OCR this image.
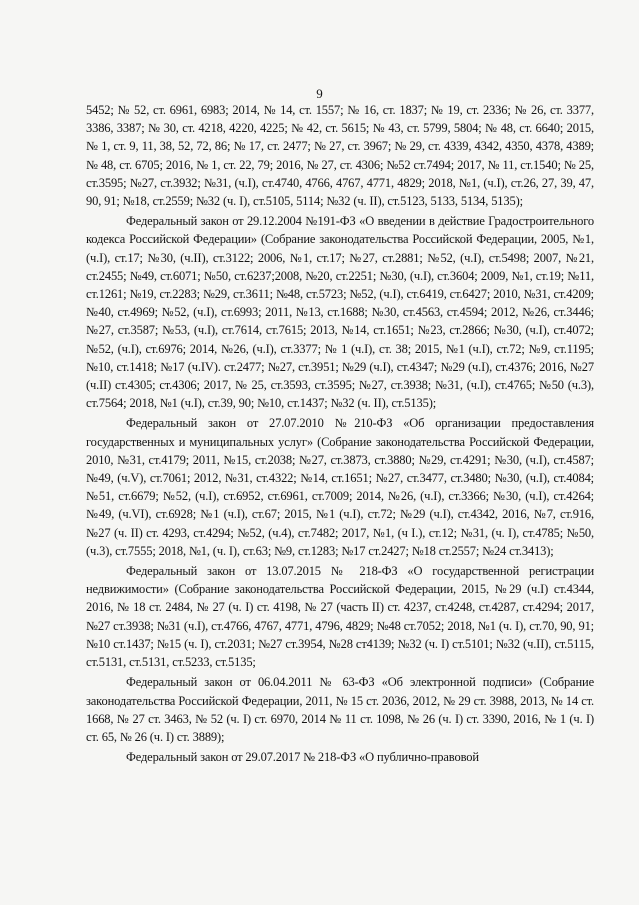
9

5452; № 52, ст. 6961, 6983; 2014, № 14, ст. 1557; № 16, ст. 1837; № 19, ст. 2336; № 26, ст. 3377, 3386, 3387; № 30, ст. 4218, 4220, 4225; № 42, ст. 5615; № 43, ст. 5799, 5804; № 48, ст. 6640; 2015, № 1, ст. 9, 11, 38, 52, 72, 86; № 17, ст. 2477; № 27, ст. 3967; № 29, ст. 4339, 4342, 4350, 4378, 4389; № 48, ст. 6705; 2016, № 1, ст. 22, 79; 2016, № 27, ст. 4306; №52 ст.7494; 2017, № 11, ст.1540; № 25, ст.3595; №27, ст.3932; №31, (ч.I), ст.4740, 4766, 4767, 4771, 4829; 2018, №1, (ч.I), ст.26, 27, 39, 47, 90, 91; №18, ст.2559; №32 (ч. I), ст.5105, 5114; №32 (ч. II), ст.5123, 5133, 5134, 5135);

Федеральный закон от 29.12.2004 №191-ФЗ «О введении в действие Градостроительного кодекса Российской Федерации» (Собрание законодательства Российской Федерации, 2005, №1, (ч.I), ст.17; №30, (ч.II), ст.3122; 2006, №1, ст.17; №27, ст.2881; №52, (ч.I), ст.5498; 2007, №21, ст.2455; №49, ст.6071; №50, ст.6237;2008, №20, ст.2251; №30, (ч.I), ст.3604; 2009, №1, ст.19; №11, ст.1261; №19, ст.2283; №29, ст.3611; №48, ст.5723; №52, (ч.I), ст.6419, ст.6427; 2010, №31, ст.4209; №40, ст.4969; №52, (ч.I), ст.6993; 2011, №13, ст.1688; №30, ст.4563, ст.4594; 2012, №26, ст.3446; №27, ст.3587; №53, (ч.I), ст.7614, ст.7615; 2013, №14, ст.1651; №23, ст.2866; №30, (ч.I), ст.4072; №52, (ч.I), ст.6976; 2014, №26, (ч.I), ст.3377; № 1 (ч.I), ст. 38; 2015, №1 (ч.I), ст.72; №9, ст.1195; №10, ст.1418; №17 (ч.IV). ст.2477; №27, ст.3951; №29 (ч.I), ст.4347; №29 (ч.I), ст.4376; 2016, №27 (ч.II) ст.4305; ст.4306; 2017, № 25, ст.3593, ст.3595; №27, ст.3938; №31, (ч.I), ст.4765; №50 (ч.3), ст.7564; 2018, №1 (ч.I), ст.39, 90; №10, ст.1437; №32 (ч. II), ст.5135);

Федеральный закон от 27.07.2010 №210-ФЗ «Об организации предоставления государственных и муниципальных услуг» (Собрание законодательства Российской Федерации, 2010, №31, ст.4179; 2011, №15, ст.2038; №27, ст.3873, ст.3880; №29, ст.4291; №30, (ч.I), ст.4587; №49, (ч.V), ст.7061; 2012, №31, ст.4322; №14, ст.1651; №27, ст.3477, ст.3480; №30, (ч.I), ст.4084; №51, ст.6679; №52, (ч.I), ст.6952, ст.6961, ст.7009; 2014, №26, (ч.I), ст.3366; №30, (ч.I), ст.4264; №49, (ч.VI), ст.6928; №1 (ч.I), ст.67; 2015, №1 (ч.I), ст.72; №29 (ч.I), ст.4342, 2016, №7, ст.916, №27 (ч. II) ст. 4293, ст.4294; №52, (ч.4), ст.7482; 2017, №1, (ч I.), ст.12; №31, (ч. I), ст.4785; №50, (ч.3), ст.7555; 2018, №1, (ч. I), ст.63; №9, ст.1283; №17 ст.2427; №18 ст.2557; №24 ст.3413);

Федеральный закон от 13.07.2015 № 218-ФЗ «О государственной регистрации недвижимости» (Собрание законодательства Российской Федерации, 2015, №29 (ч.I) ст.4344, 2016, № 18 ст. 2484, № 27 (ч. I) ст. 4198, № 27 (часть II) ст. 4237, ст.4248, ст.4287, ст.4294; 2017, №27 ст.3938; №31 (ч.I), ст.4766, 4767, 4771, 4796, 4829; №48 ст.7052; 2018, №1 (ч. I), ст.70, 90, 91; №10 ст.1437; №15 (ч. I), ст.2031; №27 ст.3954, №28 ст4139; №32 (ч. I) ст.5101; №32 (ч.II), ст.5115, ст.5131, ст.5131, ст.5233, ст.5135;

Федеральный закон от 06.04.2011 № 63-ФЗ «Об электронной подписи» (Собрание законодательства Российской Федерации, 2011, № 15 ст. 2036, 2012, № 29 ст. 3988, 2013, № 14 ст. 1668, № 27 ст. 3463, № 52 (ч. I) ст. 6970, 2014 № 11 ст. 1098, № 26 (ч. I) ст. 3390, 2016, № 1 (ч. I) ст. 65, № 26 (ч. I) ст. 3889);

Федеральный закон от 29.07.2017 № 218-ФЗ «О публично-правовой
